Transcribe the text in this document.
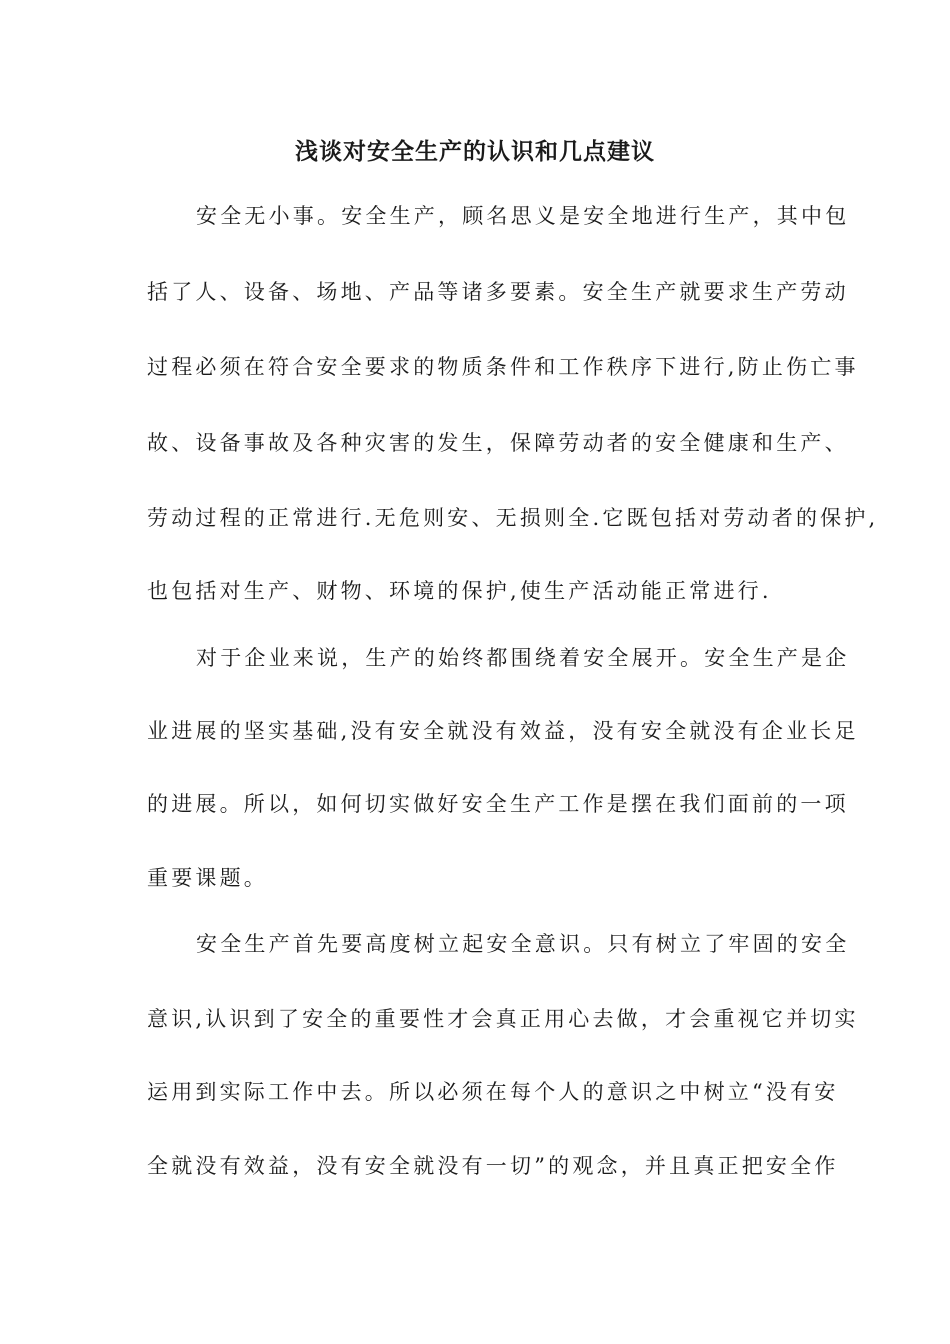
浅谈对安全生产的认识和几点建议
安全无小事。安全生产，顾名思义是安全地进行生产，其中包
括了人、设备、场地、产品等诸多要素。安全生产就要求生产劳动
过程必须在符合安全要求的物质条件和工作秩序下进行,防止伤亡事
故、设备事故及各种灾害的发生，保障劳动者的安全健康和生产、
劳动过程的正常进行.无危则安、无损则全.它既包括对劳动者的保护,
也包括对生产、财物、环境的保护,使生产活动能正常进行.
对于企业来说，生产的始终都围绕着安全展开。安全生产是企
业进展的坚实基础,没有安全就没有效益，没有安全就没有企业长足
的进展。所以，如何切实做好安全生产工作是摆在我们面前的一项
重要课题。
安全生产首先要高度树立起安全意识。只有树立了牢固的安全
意识,认识到了安全的重要性才会真正用心去做，才会重视它并切实
运用到实际工作中去。所以必须在每个人的意识之中树立“没有安
全就没有效益，没有安全就没有一切”的观念，并且真正把安全作
